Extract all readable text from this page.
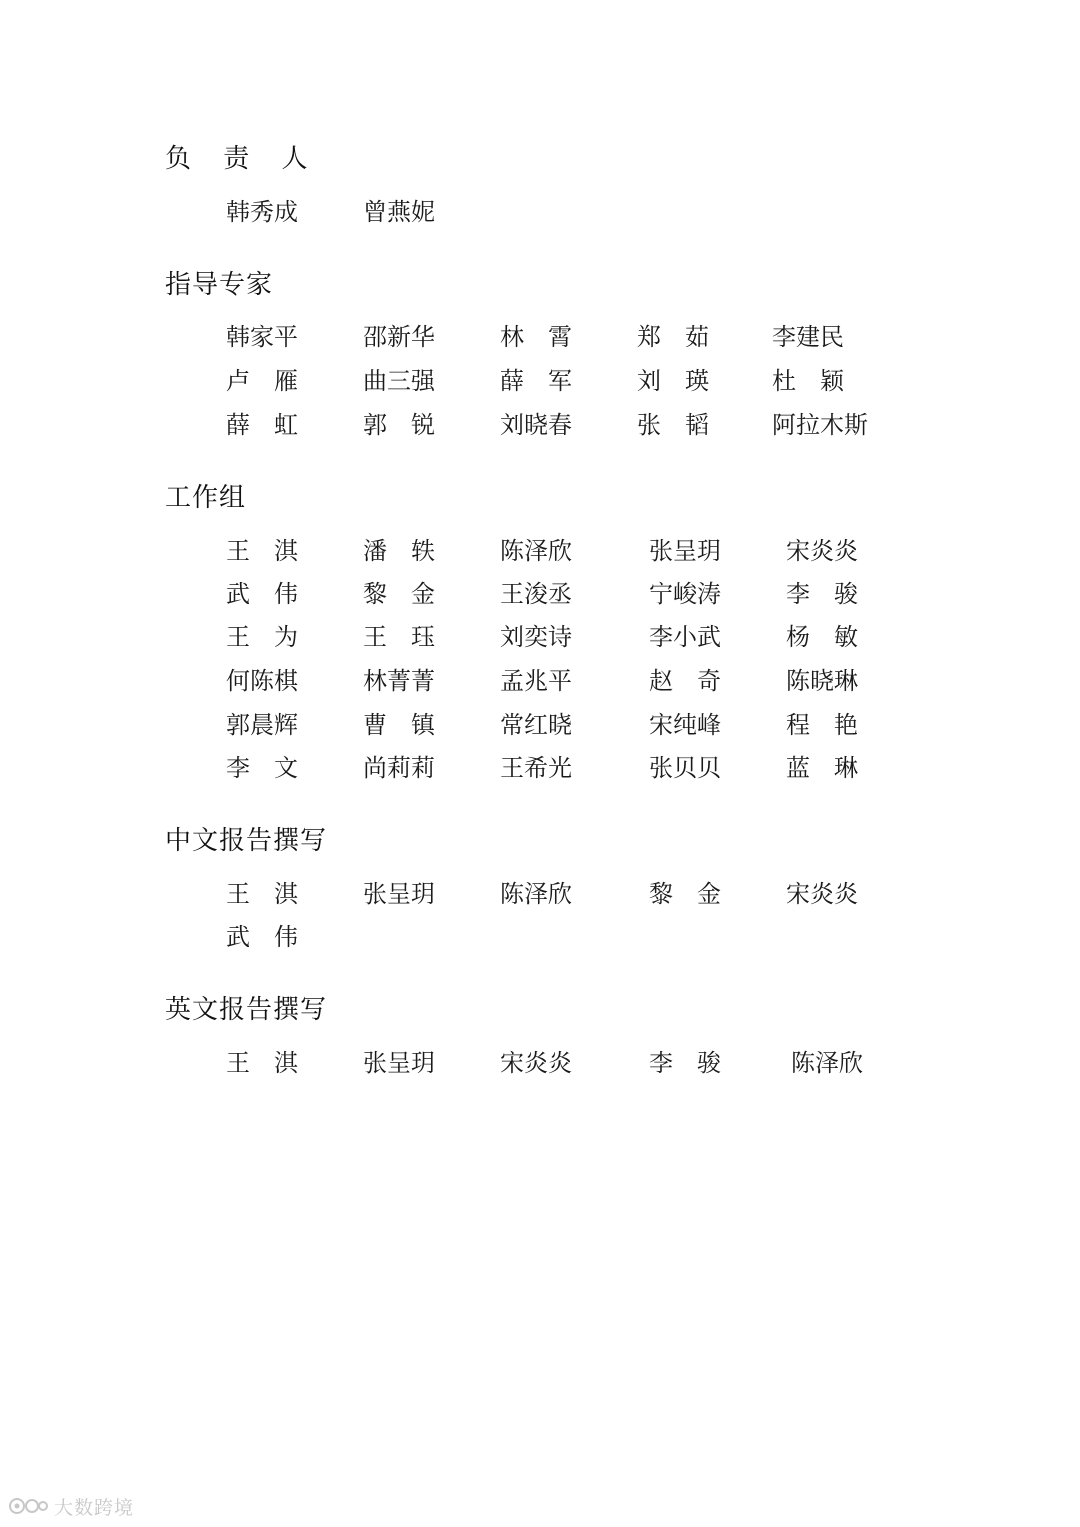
负 责 人
韩秀成	曾燕妮
指导专家
韩家平	邵新华	林　霄	郑　茹	李建民
卢　雁	曲三强	薛　军	刘　瑛	杜　颖
薛　虹	郭　锐	刘晓春	张　韬	阿拉木斯
工作组
王　淇	潘　轶	陈泽欣	张呈玥	宋炎炎
武　伟	黎　金	王浚丞	宁峻涛	李　骏
王　为	王　珏	刘奕诗	李小武	杨　敏
何陈棋	林菁菁	孟兆平	赵　奇	陈晓琳
郭晨辉	曹　镇	常红晓	宋纯峰	程　艳
李　文	尚莉莉	王希光	张贝贝	蓝　琳
中文报告撰写
王　淇	张呈玥	陈泽欣	黎　金	宋炎炎
武　伟
英文报告撰写
王　淇	张呈玥	宋炎炎	李　骏	陈泽欣
大数跨境
